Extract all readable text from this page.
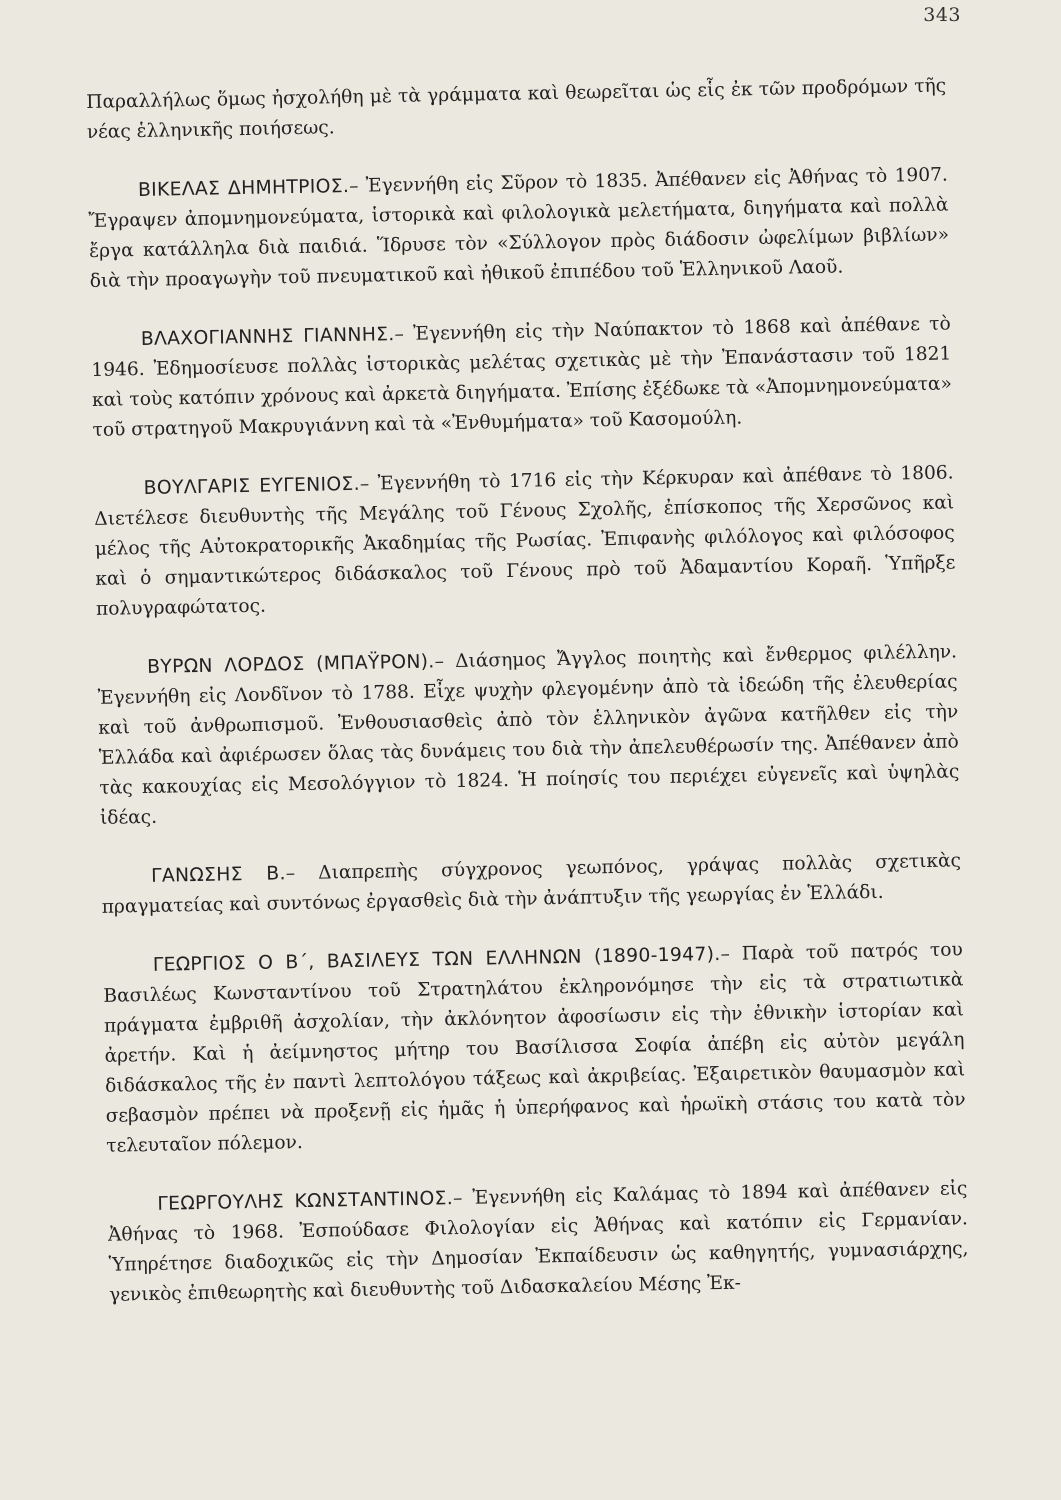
343

Παραλλήλως ὅμως ἠσχολήθη μὲ τὰ γράμματα καὶ θεωρεῖται ὡς εἷς ἐκ τῶν προδρόμων τῆς νέας ἑλληνικῆς ποιήσεως.

ΒΙΚΕΛΑΣ ΔΗΜΗΤΡΙΟΣ.– Ἐγεννήθη εἰς Σῦρον τὸ 1835. Ἀπέθανεν εἰς Ἀθήνας τὸ 1907. Ἔγραψεν ἀπομνημονεύματα, ἱστορικὰ καὶ φιλολογικὰ μελετήματα, διηγήματα καὶ πολλὰ ἔργα κατάλληλα διὰ παιδιά. Ἵδρυσε τὸν «Σύλλογον πρὸς διάδοσιν ὠφελίμων βιβλίων» διὰ τὴν προαγωγὴν τοῦ πνευματικοῦ καὶ ἠθικοῦ ἐπιπέδου τοῦ Ἑλληνικοῦ Λαοῦ.

ΒΛΑΧΟΓΙΑΝΝΗΣ ΓΙΑΝΝΗΣ.– Ἐγεννήθη εἰς τὴν Ναύπακτον τὸ 1868 καὶ ἀπέθανε τὸ 1946. Ἐδημοσίευσε πολλὰς ἱστορικὰς μελέτας σχετικὰς μὲ τὴν Ἐπανάστασιν τοῦ 1821 καὶ τοὺς κατόπιν χρόνους καὶ ἀρκετὰ διηγήματα. Ἐπίσης ἐξέδωκε τὰ «Ἀπομνημονεύματα» τοῦ στρατηγοῦ Μακρυγιάννη καὶ τὰ «Ἐνθυμήματα» τοῦ Κασομούλη.

ΒΟΥΛΓΑΡΙΣ ΕΥΓΕΝΙΟΣ.– Ἐγεννήθη τὸ 1716 εἰς τὴν Κέρκυραν καὶ ἀπέθανε τὸ 1806. Διετέλεσε διευθυντὴς τῆς Μεγάλης τοῦ Γένους Σχολῆς, ἐπίσκοπος τῆς Χερσῶνος καὶ μέλος τῆς Αὐτοκρατορικῆς Ἀκαδημίας τῆς Ρωσίας. Ἐπιφανὴς φιλόλογος καὶ φιλόσοφος καὶ ὁ σημαντικώτερος διδάσκαλος τοῦ Γένους πρὸ τοῦ Ἀδαμαντίου Κοραῆ. Ὑπῆρξε πολυγραφώτατος.

ΒΥΡΩΝ ΛΟΡΔΟΣ (ΜΠΑΫΡΟΝ).– Διάσημος Ἄγγλος ποιητὴς καὶ ἔνθερμος φιλέλλην. Ἐγεννήθη εἰς Λονδῖνον τὸ 1788. Εἶχε ψυχὴν φλεγομένην ἀπὸ τὰ ἰδεώδη τῆς ἐλευθερίας καὶ τοῦ ἀνθρωπισμοῦ. Ἐνθουσιασθεὶς ἀπὸ τὸν ἑλληνικὸν ἀγῶνα κατῆλθεν εἰς τὴν Ἑλλάδα καὶ ἀφιέρωσεν ὅλας τὰς δυνάμεις του διὰ τὴν ἀπελευθέρωσίν της. Ἀπέθανεν ἀπὸ τὰς κακουχίας εἰς Μεσολόγγιον τὸ 1824. Ἡ ποίησίς του περιέχει εὐγενεῖς καὶ ὑψηλὰς ἰδέας.

ΓΑΝΩΣΗΣ Β.– Διαπρεπὴς σύγχρονος γεωπόνος, γράψας πολλὰς σχετικὰς πραγματείας καὶ συντόνως ἐργασθεὶς διὰ τὴν ἀνάπτυξιν τῆς γεωργίας ἐν Ἑλλάδι.

ΓΕΩΡΓΙΟΣ Ο Β΄, ΒΑΣΙΛΕΥΣ ΤΩΝ ΕΛΛΗΝΩΝ (1890-1947).– Παρὰ τοῦ πατρός του Βασιλέως Κωνσταντίνου τοῦ Στρατηλάτου ἐκληρονόμησε τὴν εἰς τὰ στρατιωτικὰ πράγματα ἐμβριθῆ ἀσχολίαν, τὴν ἀκλόνητον ἀφοσίωσιν εἰς τὴν ἐθνικὴν ἱστορίαν καὶ ἀρετήν. Καὶ ἡ ἀείμνηστος μήτηρ του Βασίλισσα Σοφία ἀπέβη εἰς αὐτὸν μεγάλη διδάσκαλος τῆς ἐν παντὶ λεπτολόγου τάξεως καὶ ἀκριβείας. Ἐξαιρετικὸν θαυμασμὸν καὶ σεβασμὸν πρέπει νὰ προξενῇ εἰς ἡμᾶς ἡ ὑπερήφανος καὶ ἡρωϊκὴ στάσις του κατὰ τὸν τελευταῖον πόλεμον.

ΓΕΩΡΓΟΥΛΗΣ ΚΩΝΣΤΑΝΤΙΝΟΣ.– Ἐγεννήθη εἰς Καλάμας τὸ 1894 καὶ ἀπέθανεν εἰς Ἀθήνας τὸ 1968. Ἐσπούδασε Φιλολογίαν εἰς Ἀθήνας καὶ κατόπιν εἰς Γερμανίαν. Ὑπηρέτησε διαδοχικῶς εἰς τὴν Δημοσίαν Ἐκπαίδευσιν ὡς καθηγητής, γυμνασιάρχης, γενικὸς ἐπιθεωρητὴς καὶ διευθυντὴς τοῦ Διδασκαλείου Μέσης Ἐκ-
